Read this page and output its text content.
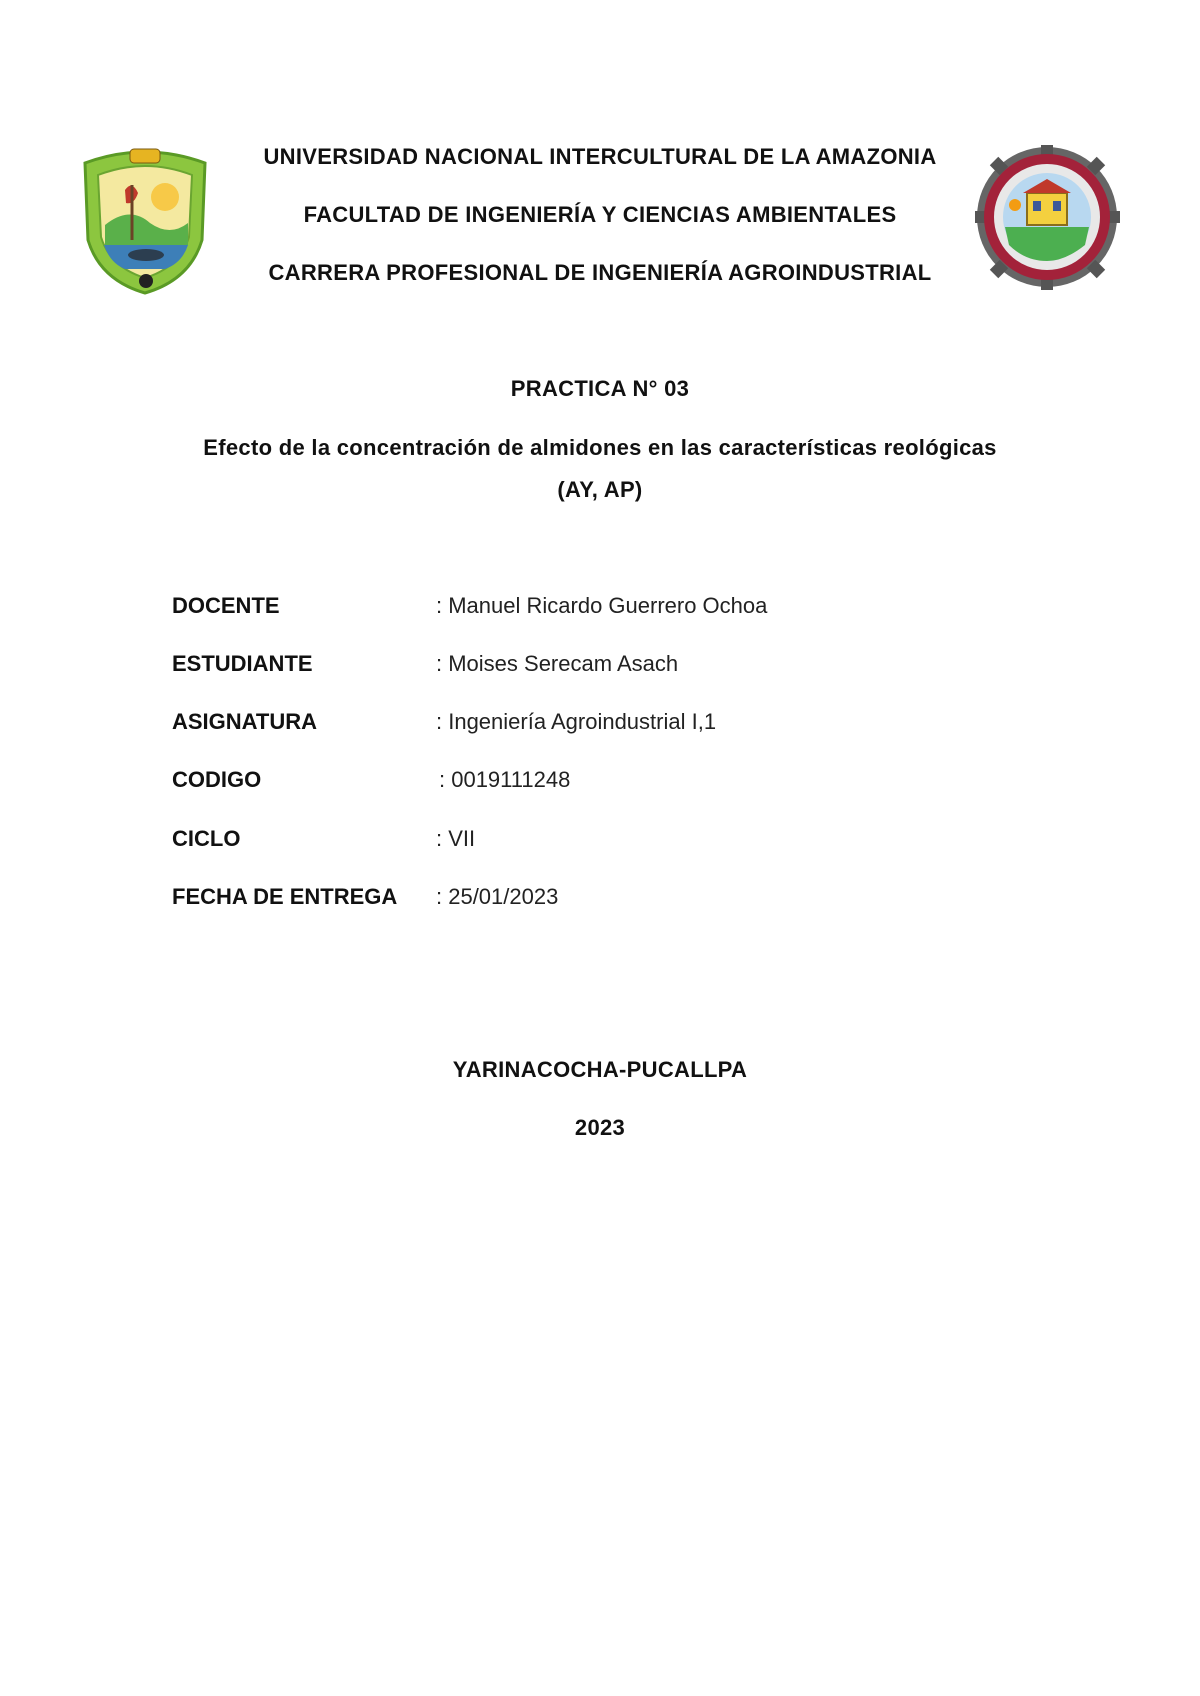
UNIVERSIDAD NACIONAL INTERCULTURAL DE LA AMAZONIA
FACULTAD DE INGENIERÍA Y CIENCIAS AMBIENTALES
CARRERA PROFESIONAL DE INGENIERÍA AGROINDUSTRIAL
PRACTICA N° 03
Efecto de la concentración de almidones en las características reológicas
(AY, AP)
DOCENTE	: Manuel Ricardo Guerrero Ochoa
ESTUDIANTE	: Moises Serecam Asach
ASIGNATURA	: Ingeniería Agroindustrial I,1
CODIGO	: 0019111248
CICLO	: VII
FECHA DE ENTREGA : 25/01/2023
YARINACOCHA-PUCALLPA
2023
